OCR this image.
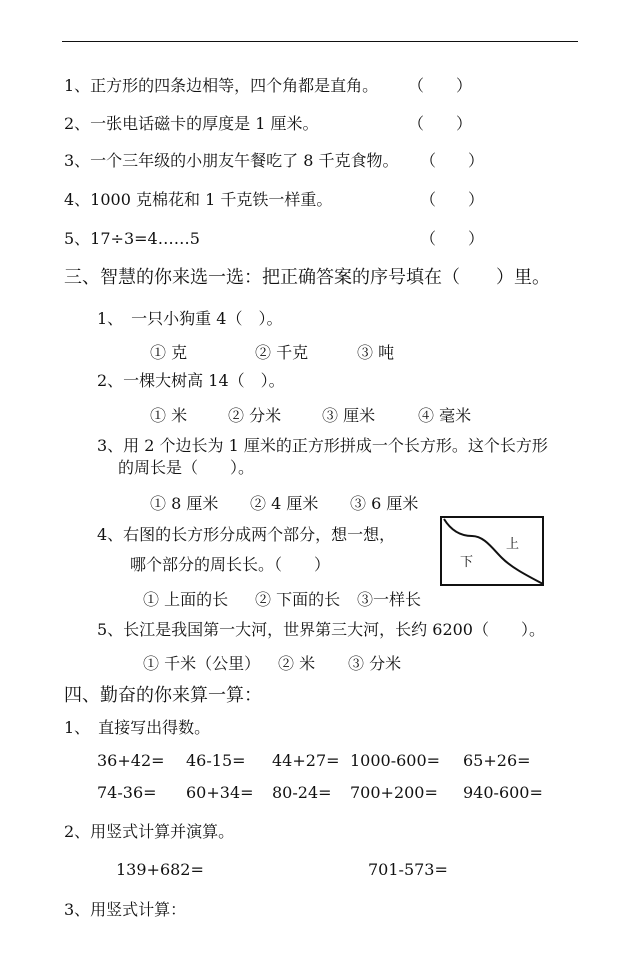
1、正方形的四条边相等，四个角都是直角。 （　　）
2、一张电话磁卡的厚度是 1 厘米。	（　　）
3、一个三年级的小朋友午餐吃了 8 千克食物。 （　　）
4、1000 克棉花和 1 千克铁一样重。	（　　）
5、17÷3=4……5	（　　）
三、智慧的你来选一选：把正确答案的序号填在（　　）里。
1、　一只小狗重 4（　）。
① 克	② 千克	③ 吨
2、一棵大树高 14（　）。
① 米	② 分米	③ 厘米	④ 毫米
3、用 2 个边长为 1 厘米的正方形拼成一个长方形。这个长方形
的周长是（　　）。
① 8 厘米 ② 4 厘米 ③ 6 厘米
4、右图的长方形分成两个部分，想一想，
哪个部分的周长长。（　　）
上
下
① 上面的长 ② 下面的长 ③一样长
5、长江是我国第一大河，世界第三大河，长约 6200（　　）。
① 千米（公里） ② 米 ③ 分米
四、勤奋的你来算一算：
1、　直接写出得数。
36+42= 46-15= 44+27= 1000-600= 65+26=
74-36= 60+34= 80-24= 700+200= 940-600=
2、用竖式计算并演算。
139+682=	701-573=
3、用竖式计算：
